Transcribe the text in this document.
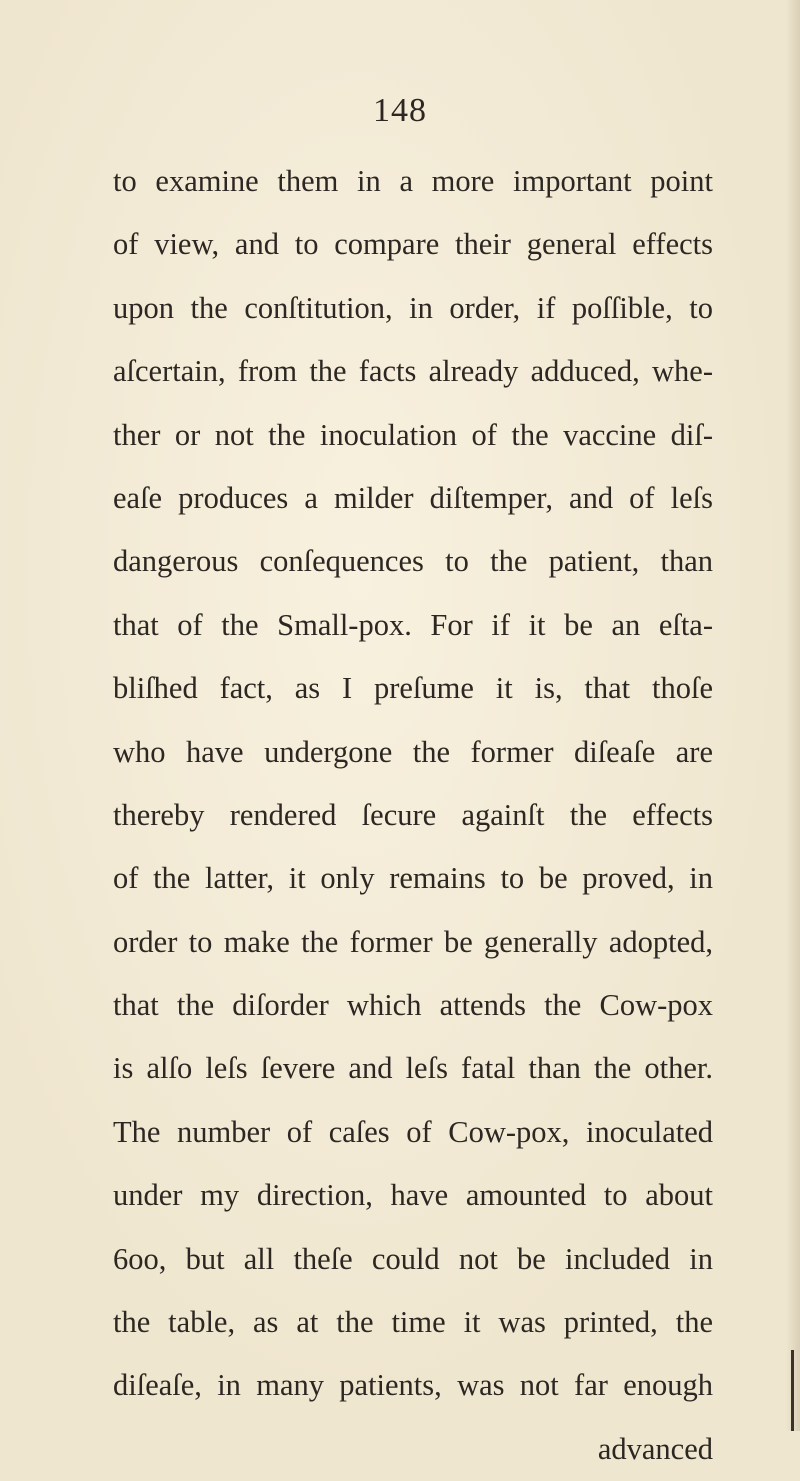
148
to examine them in a more important point
of view, and to compare their general effects
upon the conſtitution, in order, if poſſible, to
aſcertain, from the facts already adduced, whe-
ther or not the inoculation of the vaccine diſ-
eaſe produces a milder diſtemper, and of leſs
dangerous conſequences to the patient, than
that of the Small-pox. For if it be an eſta-
bliſhed fact, as I preſume it is, that thoſe
who have undergone the former diſeaſe are
thereby rendered ſecure againſt the effects
of the latter, it only remains to be proved, in
order to make the former be generally adopted,
that the diſorder which attends the Cow-pox
is alſo leſs ſevere and leſs fatal than the other.
The number of caſes of Cow-pox, inoculated
under my direction, have amounted to about
6oo, but all theſe could not be included in
the table, as at the time it was printed, the
diſeaſe, in many patients, was not far enough
advanced
